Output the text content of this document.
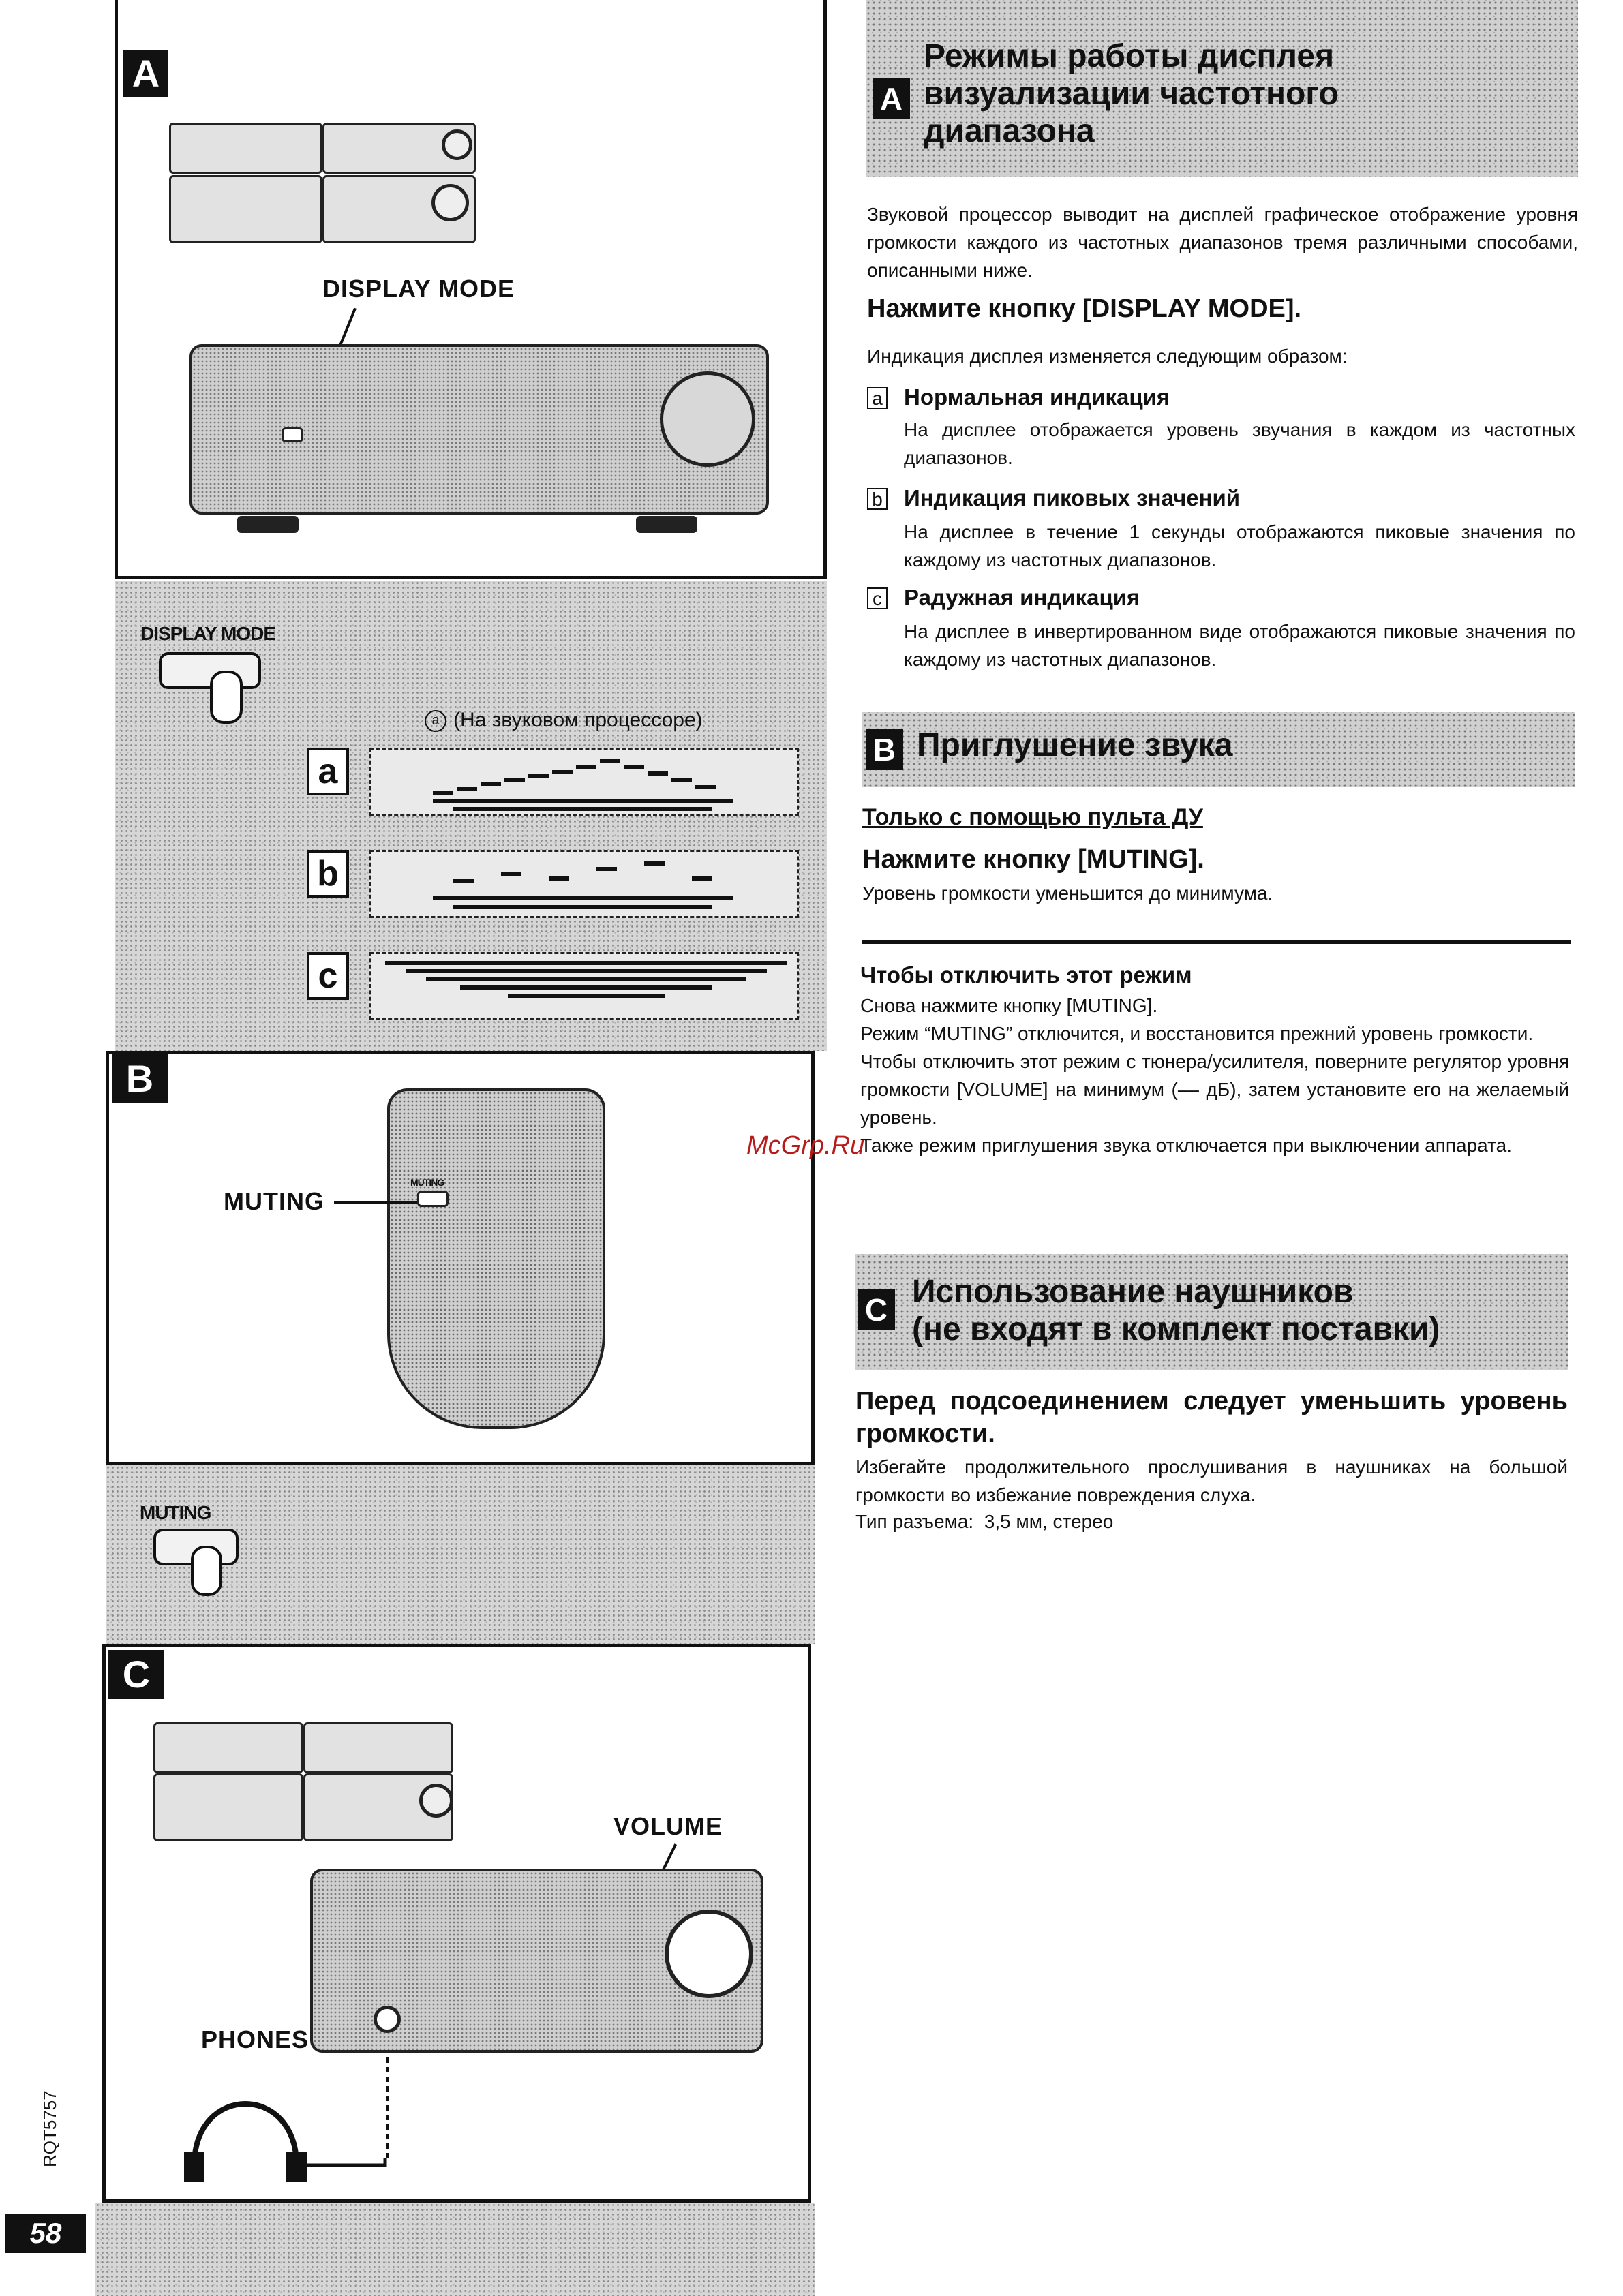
A
DISPLAY MODE
DISPLAY MODE
a (На звуковом процессоре)
a
b
c
B
MUTING
MUTING
MUTING
C
VOLUME
PHONES
RQT5757
58
A
Режимы работы дисплея
визуализации частотного
диапазона

Звуковой процессор выводит на дисплей графическое отображение уровня громкости каждого из частотных диапазонов тремя различными способами, описанными ниже.

Нажмите кнопку [DISPLAY MODE].

Индикация дисплея изменяется следующим образом:

a Нормальная индикация

На дисплее отображается уровень звучания в каждом из частотных диапазонов.

b Индикация пиковых значений

На дисплее в течение 1 секунды отображаются пиковые значения по каждому из частотных диапазонов.

c Радужная индикация

На дисплее в инвертированном виде отображаются пиковые значения по каждому из частотных диапазонов.

B Приглушение звука

Только с помощью пульта ДУ

Нажмите кнопку [MUTING].

Уровень громкости уменьшится до минимума.

Чтобы отключить этот режим

Снова нажмите кнопку [MUTING].

Режим “MUTING” отключится, и восстановится прежний уровень громкости.

Чтобы отключить этот режим с тюнера/усилителя, поверните регулятор уровня громкости [VOLUME] на минимум (–– дБ), затем установите его на желаемый уровень.

Также режим приглушения звука отключается при выключении аппарата.

McGrp.Ru
C Использование наушников
(не входят в комплект поставки)

Перед подсоединением следует уменьшить уровень громкости.

Избегайте продолжительного прослушивания в наушниках на большой громкости во избежание повреждения слуха.

Тип разъема:  3,5 мм, стерео
